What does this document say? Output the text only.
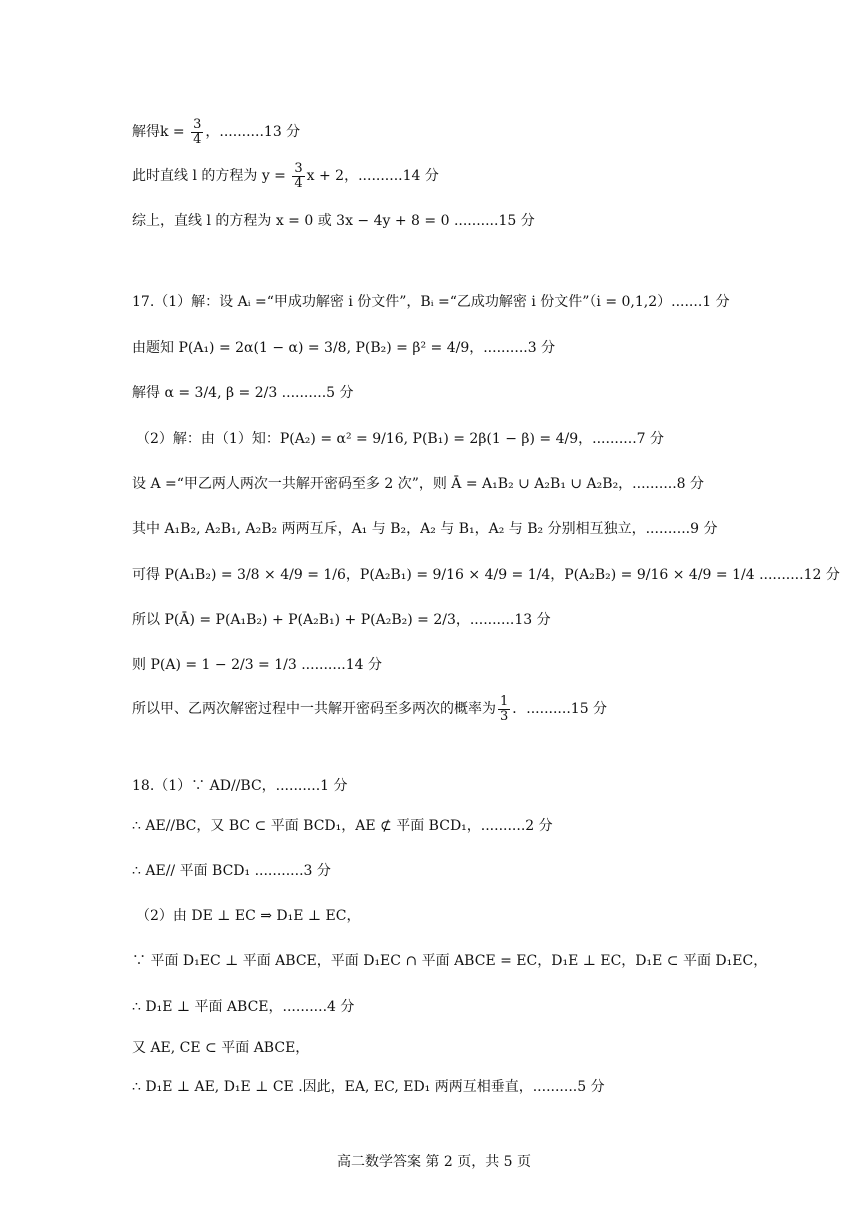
解得$k = \frac{3}{4}$ ，..........13 分
此时直线 l 的方程为 $y = \frac{3}{4}$ x + 2，..........14 分
综上，直线 l 的方程为 x = 0 或 3x − 4y + 8 = 0 ..........15 分
17.（1）解：设 Aᵢ =“甲成功解密 i 份文件”，Bᵢ =“乙成功解密 i 份文件”（i = 0,1,2）.......1 分
由题知 P(A₁) = 2α(1 − α) = 3/8, P(B₂) = β² = 4/9，..........3 分
解得 α = 3/4, β = 2/3 ..........5 分
（2）解：由（1）知：P(A₂) = α² = 9/16, P(B₁) = 2β(1 − β) = 4/9，..........7 分
设 A =“甲乙两人两次一共解开密码至多 2 次”，则 Ā = A₁B₂ ∪ A₂B₁ ∪ A₂B₂，..........8 分
其中 A₁B₂, A₂B₁, A₂B₂ 两两互斥，A₁ 与 B₂，A₂ 与 B₁，A₂ 与 B₂ 分别相互独立，..........9 分
可得 P(A₁B₂) = 3/8 × 4/9 = 1/6，P(A₂B₁) = 9/16 × 4/9 = 1/4，P(A₂B₂) = 9/16 × 4/9 = 1/4 ..........12 分
所以 P(Ā) = P(A₁B₂) + P(A₂B₁) + P(A₂B₂) = 2/3，..........13 分
则 P(A) = 1 − 2/3 = 1/3 ..........14 分
所以甲、乙两次解密过程中一共解开密码至多两次的概率为 $\frac{1}{3}$ ．..........15 分
18.（1）∵ AD//BC，..........1 分
∴ AE//BC，又 BC ⊂ 平面 BCD₁，AE ⊄ 平面 BCD₁，..........2 分
∴ AE// 平面 BCD₁ ...........3 分
（2）由 DE ⊥ EC ⇒ D₁E ⊥ EC，
∵ 平面 D₁EC ⊥ 平面 ABCE，平面 D₁EC ∩ 平面 ABCE = EC，D₁E ⊥ EC，D₁E ⊂ 平面 D₁EC，
∴ D₁E ⊥ 平面 ABCE，..........4 分
又 AE, CE ⊂ 平面 ABCE，
∴ D₁E ⊥ AE, D₁E ⊥ CE .因此，EA, EC, ED₁ 两两互相垂直，..........5 分
高二数学答案 第 2 页，共 5 页
